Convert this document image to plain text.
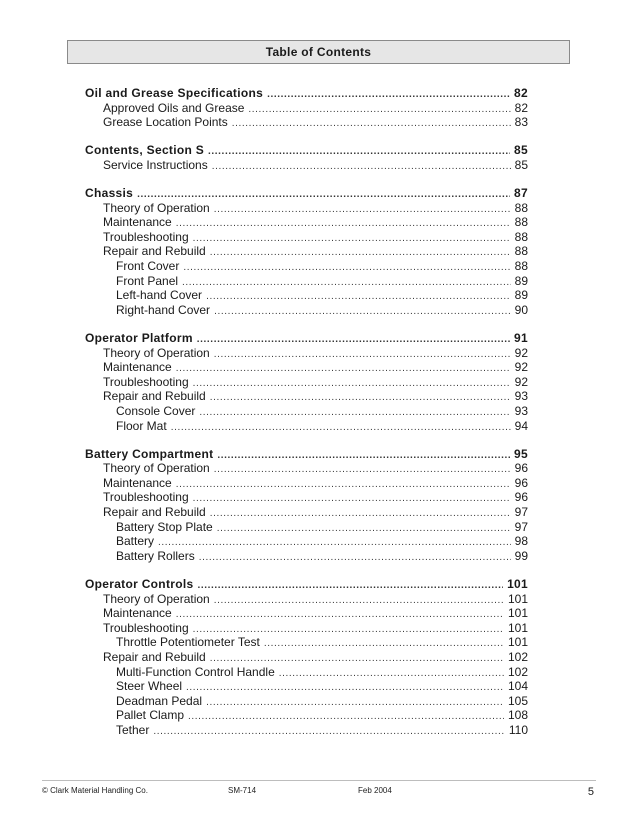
Table of Contents
Oil and Grease Specifications .....	82
Approved Oils and Grease .....	82
Grease Location Points .....	83
Contents, Section S .....	85
Service Instructions .....	85
Chassis .....	87
Theory of Operation .....	88
Maintenance .....	88
Troubleshooting .....	88
Repair and Rebuild .....	88
Front Cover .....	88
Front Panel .....	89
Left-hand Cover .....	89
Right-hand Cover .....	90
Operator Platform .....	91
Theory of Operation .....	92
Maintenance .....	92
Troubleshooting .....	92
Repair and Rebuild .....	93
Console Cover .....	93
Floor Mat .....	94
Battery Compartment .....	95
Theory of Operation .....	96
Maintenance .....	96
Troubleshooting .....	96
Repair and Rebuild .....	97
Battery Stop Plate .....	97
Battery .....	98
Battery Rollers .....	99
Operator Controls .....	101
Theory of Operation .....	101
Maintenance .....	101
Troubleshooting .....	101
Throttle Potentiometer Test .....	101
Repair and Rebuild .....	102
Multi-Function Control Handle .....	102
Steer Wheel .....	104
Deadman Pedal .....	105
Pallet Clamp .....	108
Tether .....	110
© Clark Material Handling Co.	SM-714	Feb 2004	5
